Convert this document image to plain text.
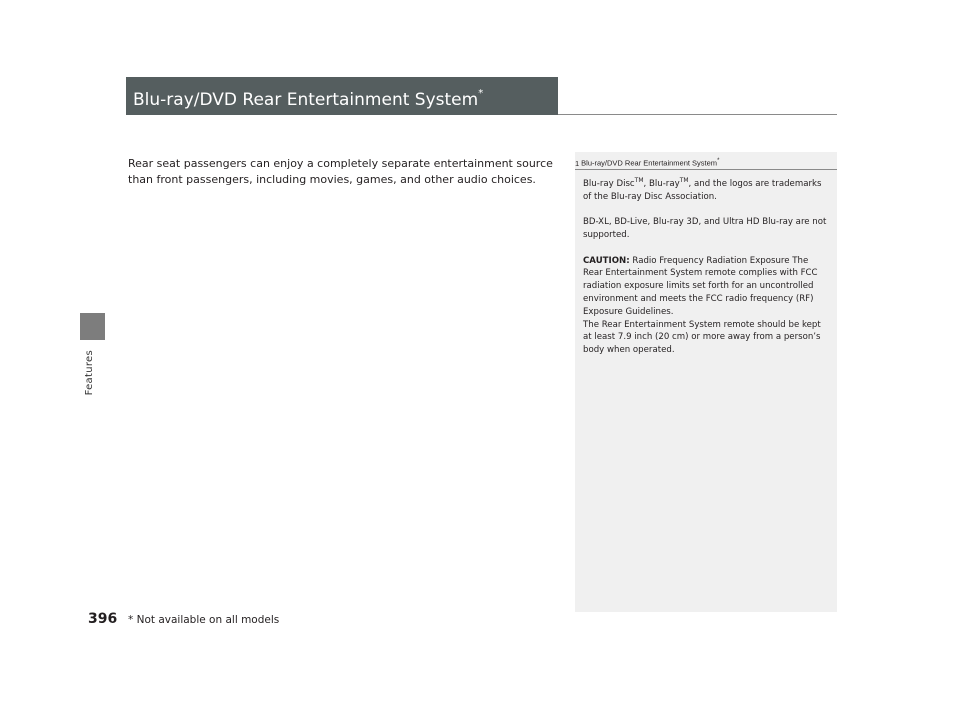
Features
Blu-ray/DVD Rear Entertainment System*
Rear seat passengers can enjoy a completely separate entertainment source than front passengers, including movies, games, and other audio choices.
1 Blu-ray/DVD Rear Entertainment System*

Blu-ray Disc™, Blu-ray™, and the logos are trademarks of the Blu-ray Disc Association.

BD-XL, BD-Live, Blu-ray 3D, and Ultra HD Blu-ray are not supported.

CAUTION: Radio Frequency Radiation Exposure The Rear Entertainment System remote complies with FCC radiation exposure limits set forth for an uncontrolled environment and meets the FCC radio frequency (RF) Exposure Guidelines.

The Rear Entertainment System remote should be kept at least 7.9 inch (20 cm) or more away from a person’s body when operated.

396 * Not available on all models
